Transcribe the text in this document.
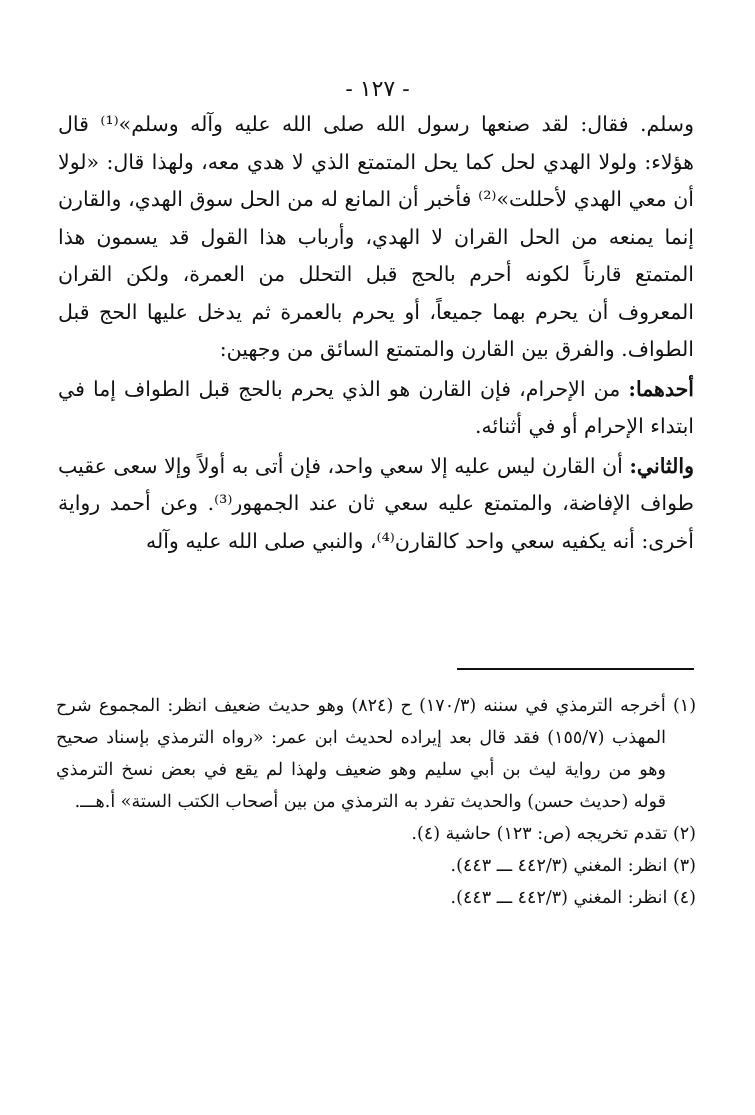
- ١٢٧ -

وسلم. فقال: لقد صنعها رسول الله صلى الله عليه وآله وسلم»⁽¹⁾ قال هؤلاء: ولولا الهدي لحل كما يحل المتمتع الذي لا هدي معه، ولهذا قال: «لولا أن معي الهدي لأحللت»⁽²⁾ فأخبر أن المانع له من الحل سوق الهدي، والقارن إنما يمنعه من الحل القران لا الهدي، وأرباب هذا القول قد يسمون هذا المتمتع قارناً لكونه أحرم بالحج قبل التحلل من العمرة، ولكن القران المعروف أن يحرم بهما جميعاً، أو يحرم بالعمرة ثم يدخل عليها الحج قبل الطواف. والفرق بين القارن والمتمتع السائق من وجهين:

أحدهما: من الإحرام، فإن القارن هو الذي يحرم بالحج قبل الطواف إما في ابتداء الإحرام أو في أثنائه.

والثاني: أن القارن ليس عليه إلا سعي واحد، فإن أتى به أولاً وإلا سعى عقيب طواف الإفاضة، والمتمتع عليه سعي ثان عند الجمهور⁽³⁾. وعن أحمد رواية أخرى: أنه يكفيه سعي واحد كالقارن⁽⁴⁾، والنبي صلى الله عليه وآله

(١) أخرجه الترمذي في سننه (١٧٠/٣) ح (٨٢٤) وهو حديث ضعيف انظر: المجموع شرح المهذب (١٥٥/٧) فقد قال بعد إيراده لحديث ابن عمر: «رواه الترمذي بإسناد صحيح وهو من رواية ليث بن أبي سليم وهو ضعيف ولهذا لم يقع في بعض نسخ الترمذي قوله (حديث حسن) والحديث تفرد به الترمذي من بين أصحاب الكتب الستة» أ.هـــ.

(٢) تقدم تخريجه (ص: ١٢٣) حاشية (٤).

(٣) انظر: المغني (٤٤٢/٣ ـــ ٤٤٣).

(٤) انظر: المغني (٤٤٢/٣ ـــ ٤٤٣).
